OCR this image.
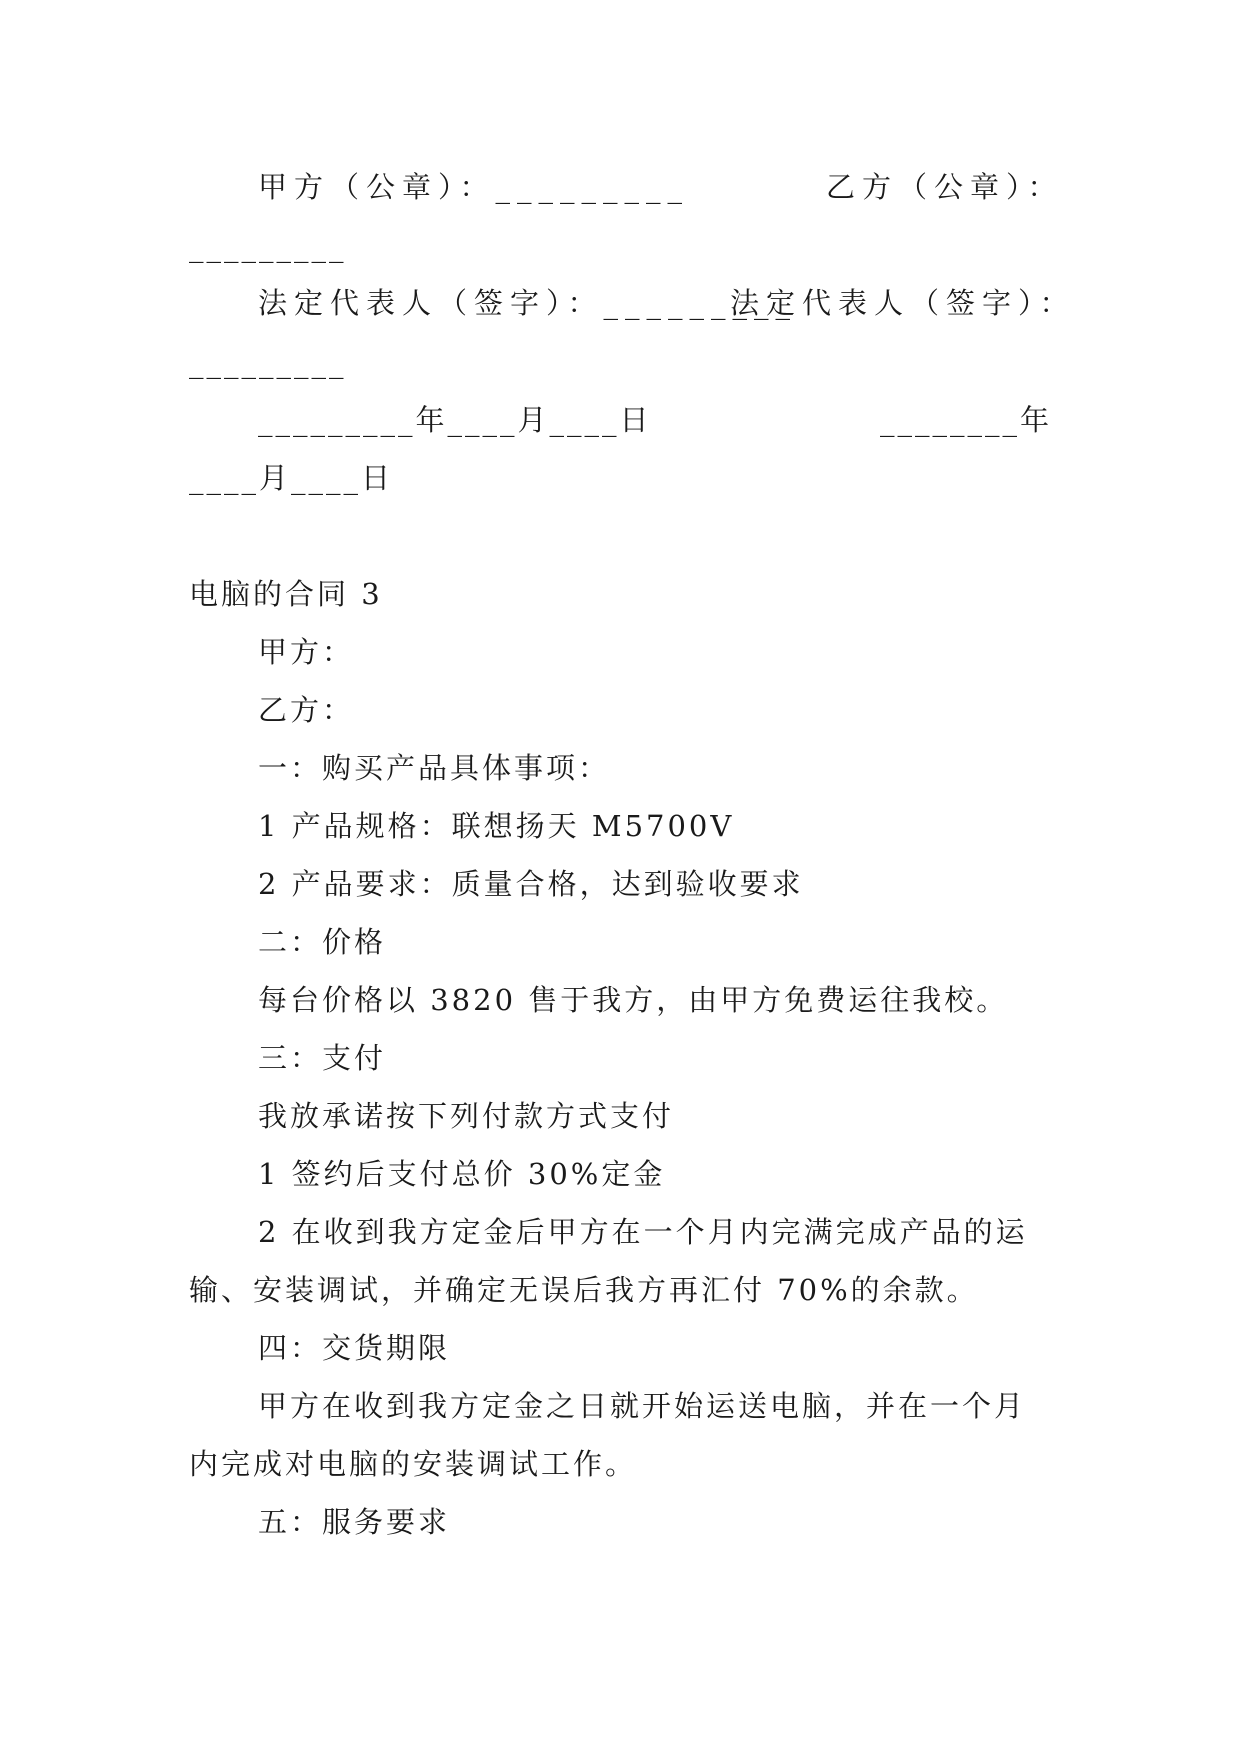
甲方（公章）：_________	乙方（公章）：
_________
法定代表人（签字）：_________
法定代表人（签字）：
_________
_________年____月____日	________年
____月____日
电脑的合同 3
甲方：
乙方：
一：购买产品具体事项：
1 产品规格：联想扬天 M5700V
2 产品要求：质量合格，达到验收要求
二：价格
每台价格以 3820 售于我方，由甲方免费运往我校。
三：支付
我放承诺按下列付款方式支付
1 签约后支付总价 30%定金
2 在收到我方定金后甲方在一个月内完满完成产品的运
输、安装调试，并确定无误后我方再汇付 70%的余款。
四：交货期限
甲方在收到我方定金之日就开始运送电脑，并在一个月
内完成对电脑的安装调试工作。
五：服务要求
